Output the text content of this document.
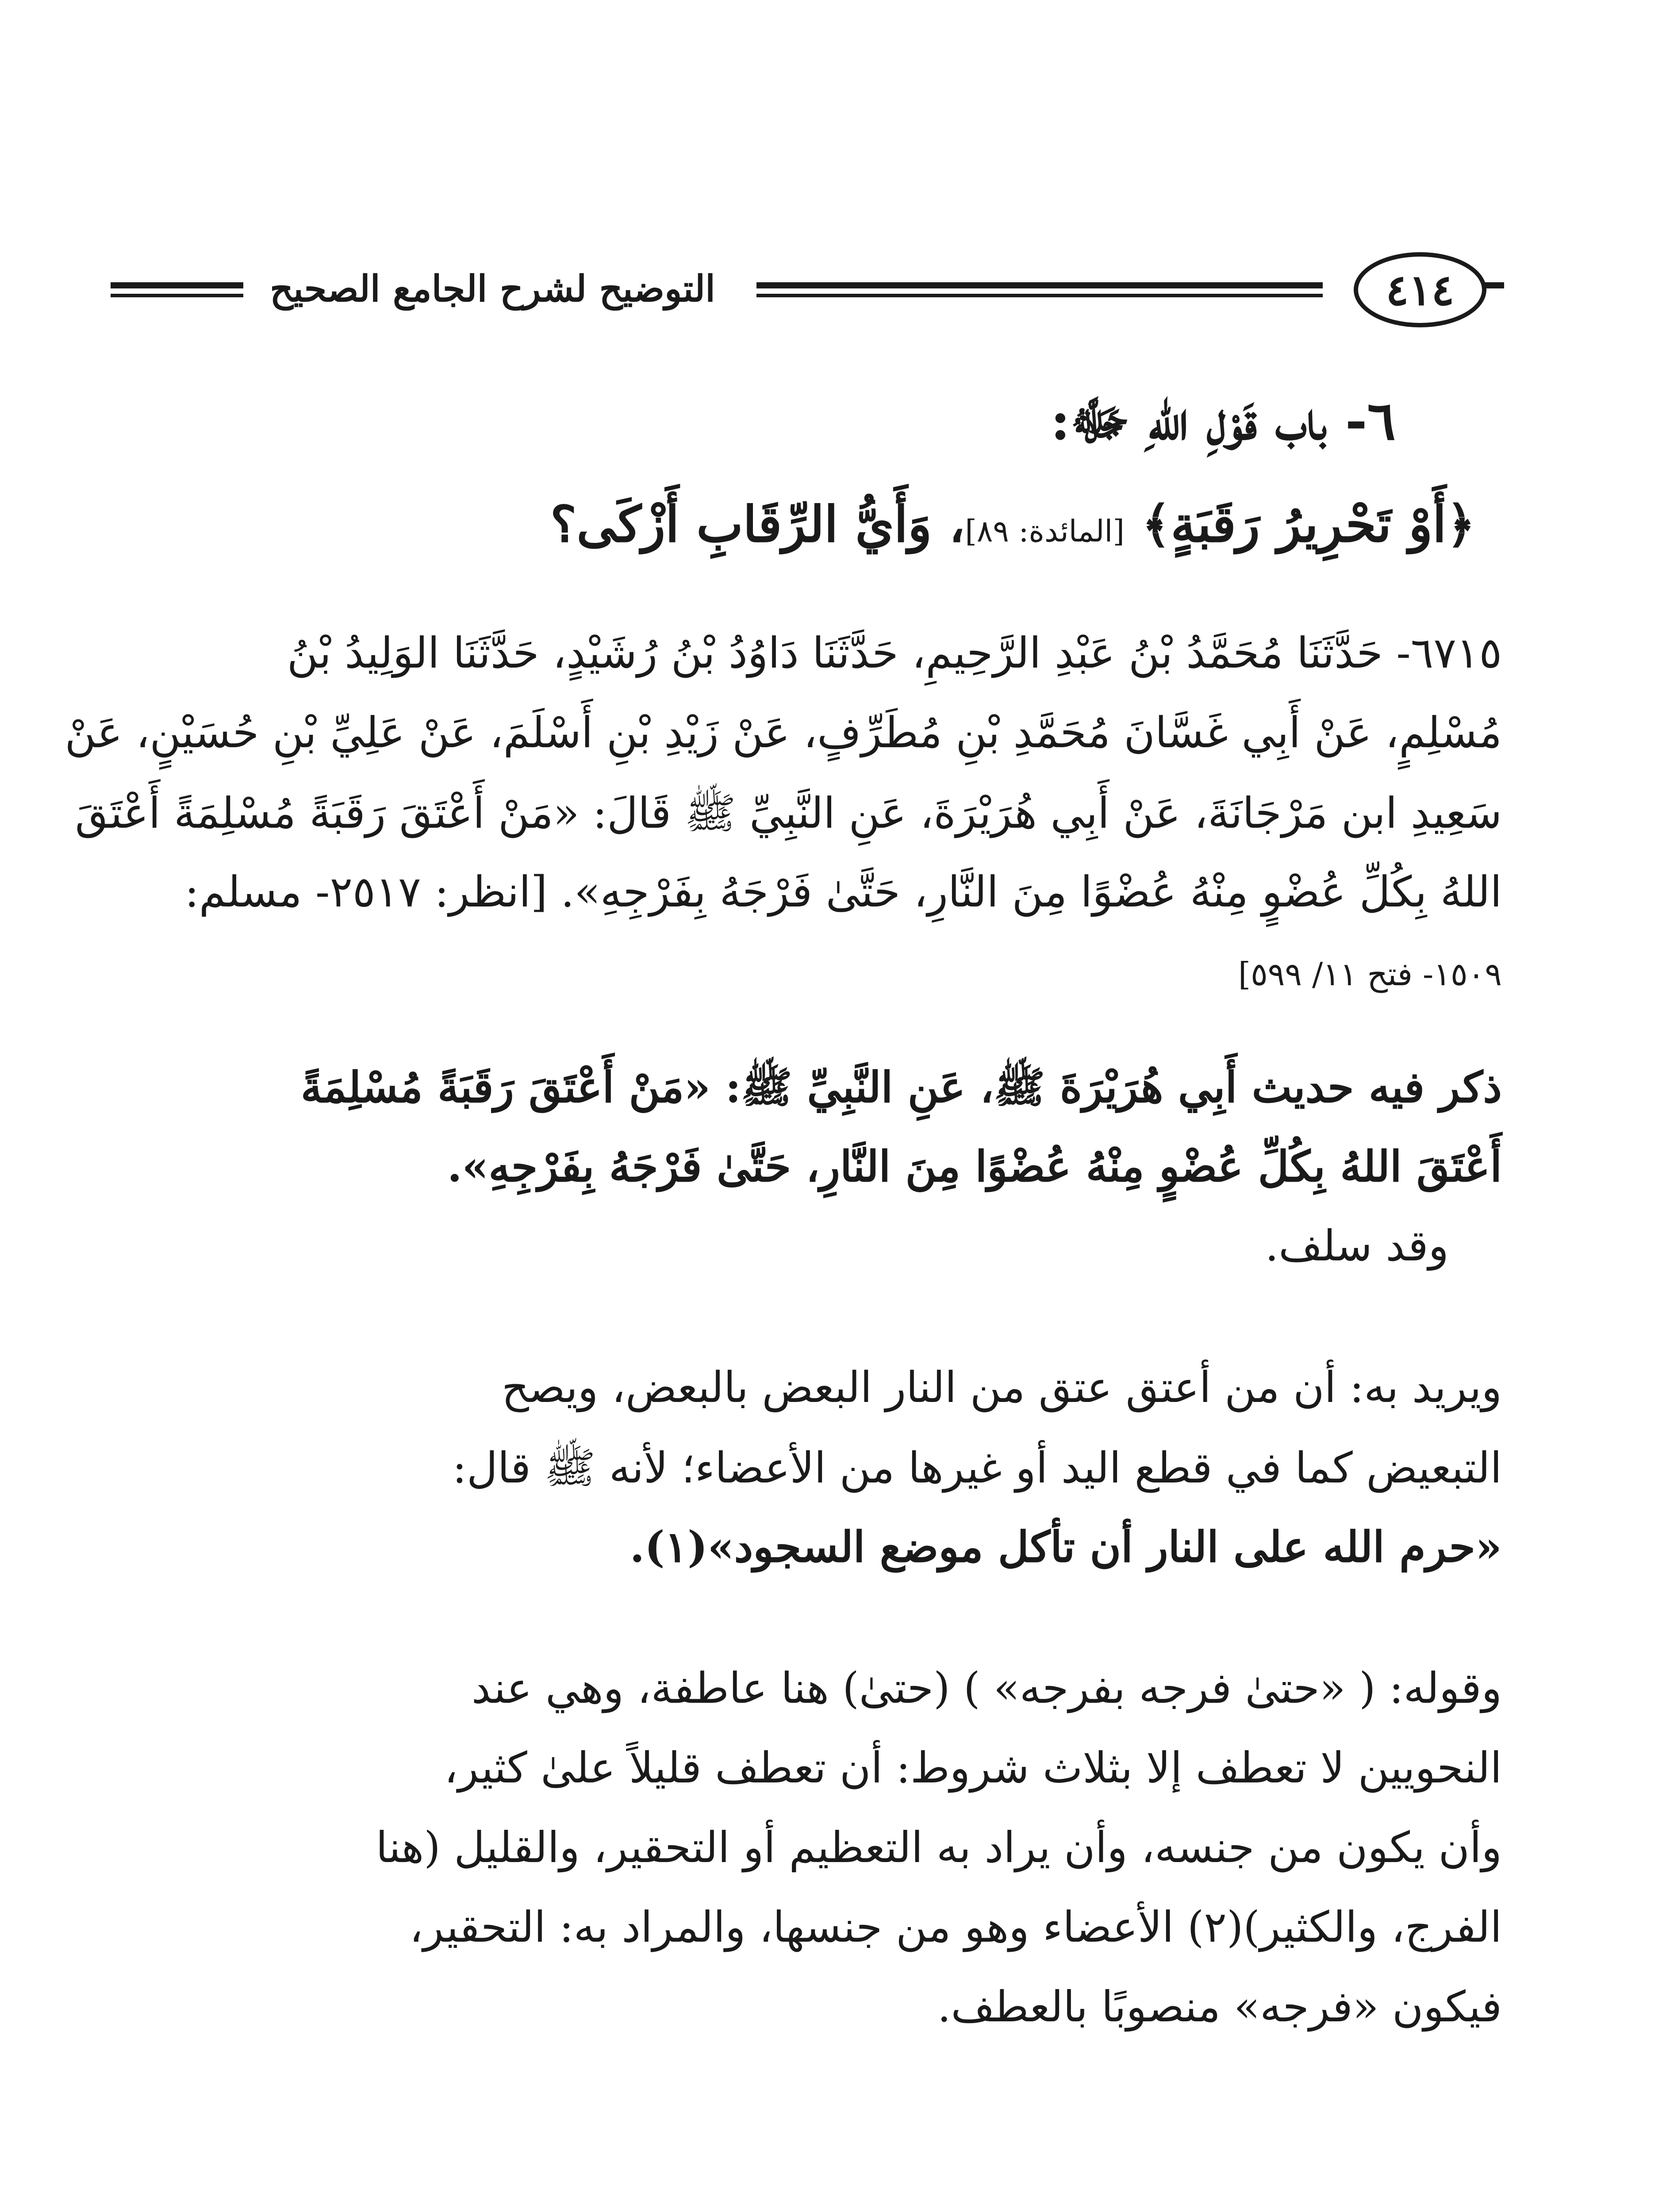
التوضيح لشرح الجامع الصحيح	٤١٤
٦- باب قَوْلِ اللهِ ﷻ:
﴿أَوْ تَحْرِيرُ رَقَبَةٍ﴾ [المائدة: ٨٩]، وَأَيُّ الرِّقَابِ أَزْكَى؟
٦٧١٥- حَدَّثَنَا مُحَمَّدُ بْنُ عَبْدِ الرَّحِيمِ، حَدَّثَنَا دَاوُدُ بْنُ رُشَيْدٍ، حَدَّثَنَا الوَلِيدُ بْنُ
مُسْلِمٍ، عَنْ أَبِي غَسَّانَ مُحَمَّدِ بْنِ مُطَرِّفٍ، عَنْ زَيْدِ بْنِ أَسْلَمَ، عَنْ عَلِيِّ بْنِ حُسَيْنٍ، عَنْ
سَعِيدِ ابن مَرْجَانَةَ، عَنْ أَبِي هُرَيْرَةَ، عَنِ النَّبِيِّ ﷺ قَالَ: «مَنْ أَعْتَقَ رَقَبَةً مُسْلِمَةً أَعْتَقَ
اللهُ بِكُلِّ عُضْوٍ مِنْهُ عُضْوًا مِنَ النَّارِ، حَتَّىٰ فَرْجَهُ بِفَرْجِهِ». [انظر: ٢٥١٧- مسلم:
١٥٠٩- فتح ١١/ ٥٩٩]
ذكر فيه حديث أَبِي هُرَيْرَةَ ﷺ، عَنِ النَّبِيِّ ﷺ: «مَنْ أَعْتَقَ رَقَبَةً مُسْلِمَةً
أَعْتَقَ اللهُ بِكُلِّ عُضْوٍ مِنْهُ عُضْوًا مِنَ النَّارِ، حَتَّىٰ فَرْجَهُ بِفَرْجِهِ».
وقد سلف.
ويريد به: أن من أعتق عتق من النار البعض بالبعض، ويصح
التبعيض كما في قطع اليد أو غيرها من الأعضاء؛ لأنه ﷺ قال:
«حرم الله على النار أن تأكل موضع السجود»(١).
وقوله: ( «حتىٰ فرجه بفرجه» ) (حتىٰ) هنا عاطفة، وهي عند
النحويين لا تعطف إلا بثلاث شروط: أن تعطف قليلاً علىٰ كثير،
وأن يكون من جنسه، وأن يراد به التعظيم أو التحقير، والقليل (هنا
الفرج، والكثير)(٢) الأعضاء وهو من جنسها، والمراد به: التحقير،
فيكون «فرجه» منصوبًا بالعطف.
